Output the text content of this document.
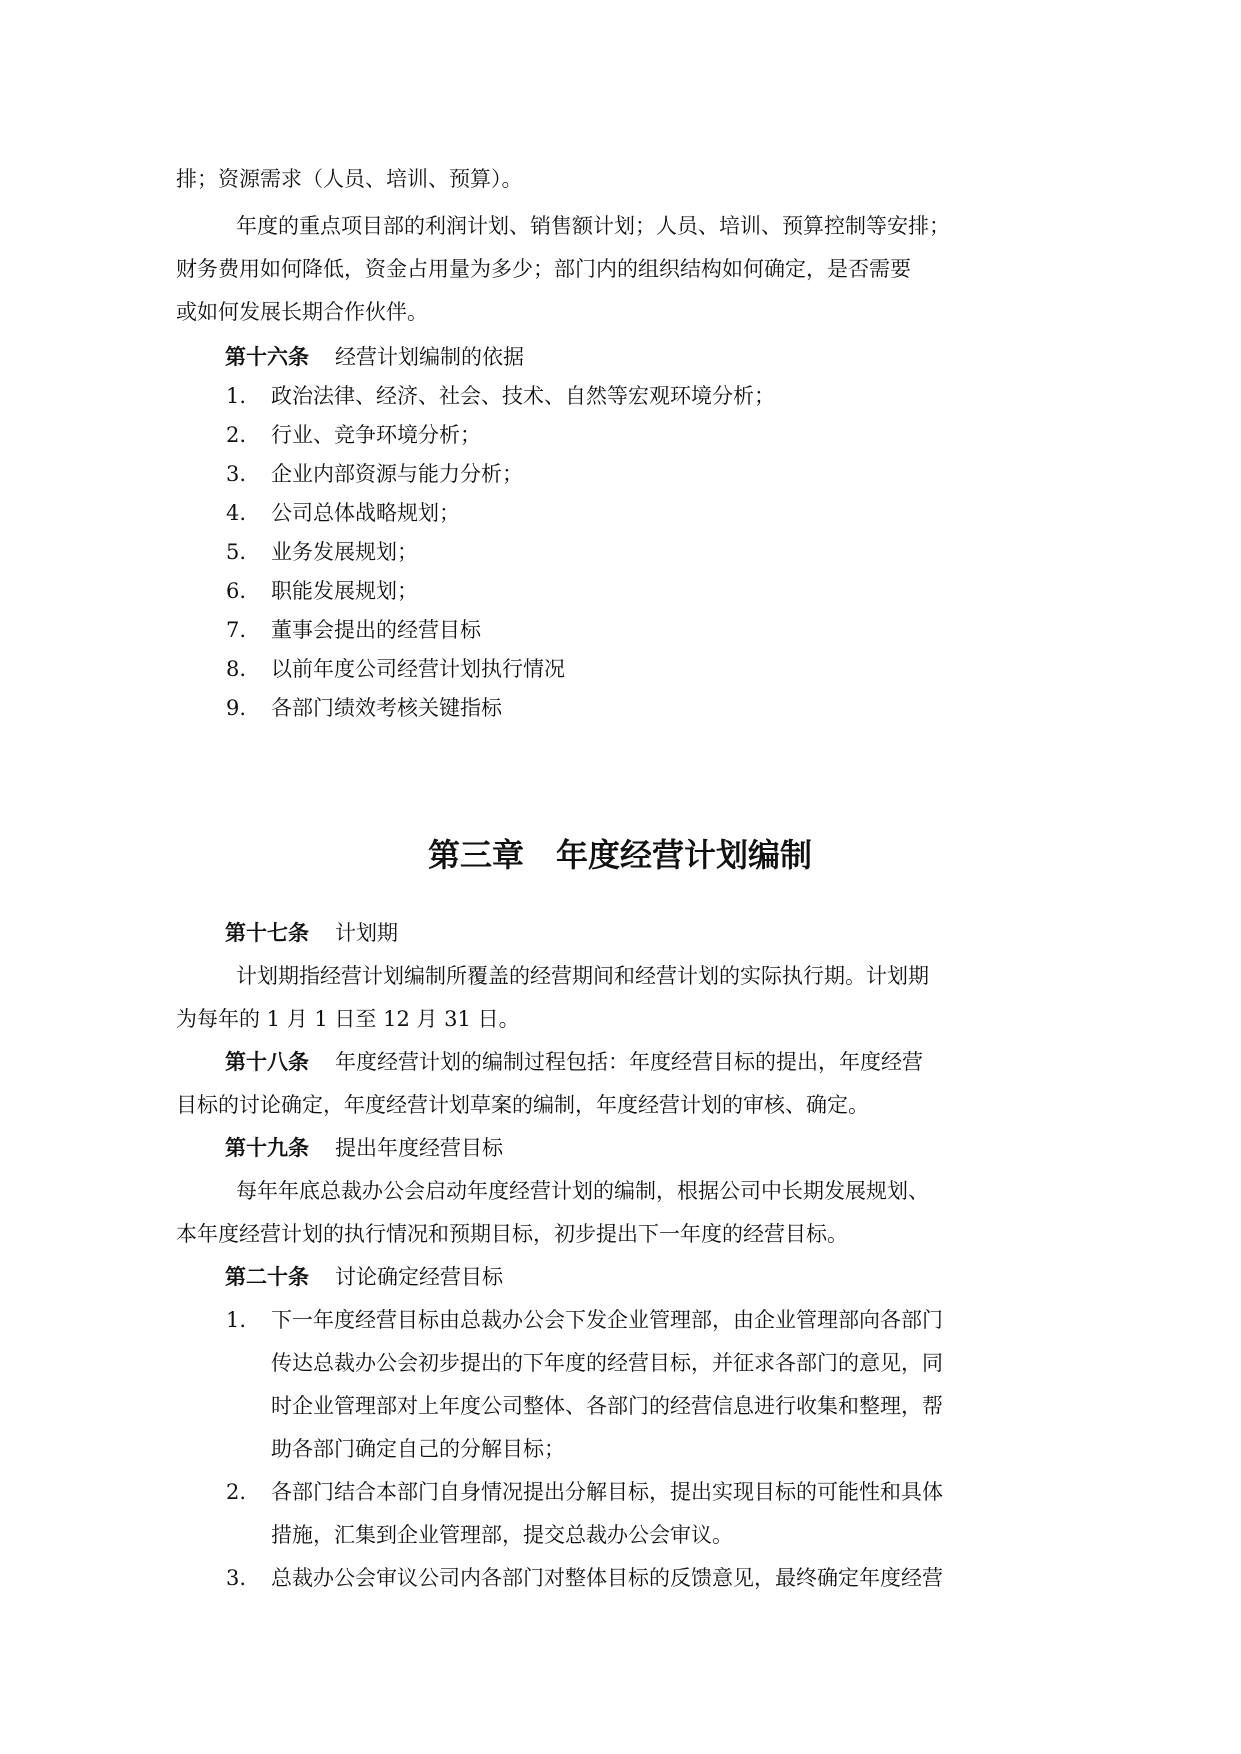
排；资源需求（人员、培训、预算）。

年度的重点项目部的利润计划、销售额计划；人员、培训、预算控制等安排；

财务费用如何降低，资金占用量为多少；部门内的组织结构如何确定，是否需要

或如何发展长期合作伙伴。

第十六条 经营计划编制的依据
1. 政治法律、经济、社会、技术、自然等宏观环境分析；
2. 行业、竞争环境分析；
3. 企业内部资源与能力分析；
4. 公司总体战略规划；
5. 业务发展规划；
6. 职能发展规划；
7. 董事会提出的经营目标
8. 以前年度公司经营计划执行情况
9. 各部门绩效考核关键指标
第三章　年度经营计划编制
第十七条 计划期

计划期指经营计划编制所覆盖的经营期间和经营计划的实际执行期。计划期

为每年的 1 月 1 日至 12 月 31 日。

第十八条 年度经营计划的编制过程包括：年度经营目标的提出，年度经营

目标的讨论确定，年度经营计划草案的编制，年度经营计划的审核、确定。

第十九条 提出年度经营目标

每年年底总裁办公会启动年度经营计划的编制，根据公司中长期发展规划、

本年度经营计划的执行情况和预期目标，初步提出下一年度的经营目标。

第二十条 讨论确定经营目标
1. 下一年度经营目标由总裁办公会下发企业管理部，由企业管理部向各部门
传达总裁办公会初步提出的下年度的经营目标，并征求各部门的意见，同
时企业管理部对上年度公司整体、各部门的经营信息进行收集和整理，帮
助各部门确定自己的分解目标；
2. 各部门结合本部门自身情况提出分解目标，提出实现目标的可能性和具体
措施，汇集到企业管理部，提交总裁办公会审议。
3. 总裁办公会审议公司内各部门对整体目标的反馈意见，最终确定年度经营
